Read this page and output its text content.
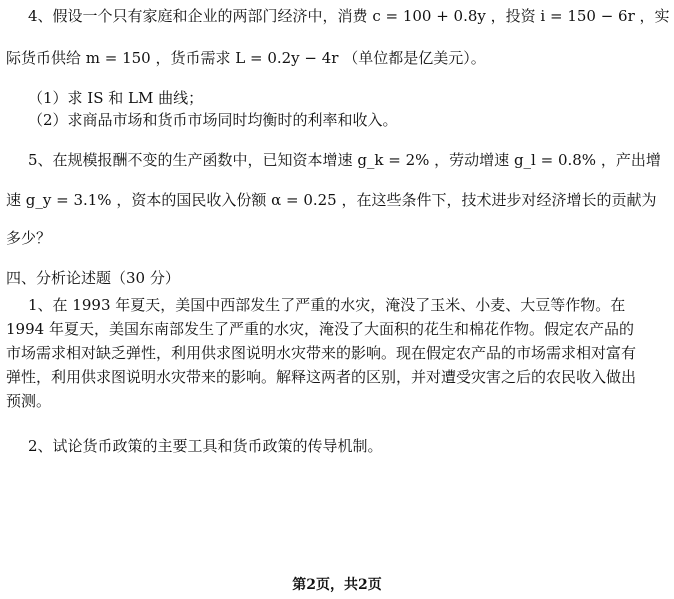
4、假设一个只有家庭和企业的两部门经济中，消费 c = 100 + 0.8y ，投资 i = 150 − 6r ，实
际货币供给 m = 150 ，货币需求 L = 0.2y − 4r （单位都是亿美元）。
（1）求 IS 和 LM 曲线；
（2）求商品市场和货币市场同时均衡时的利率和收入。
5、在规模报酬不变的生产函数中，已知资本增速 g_k = 2% ，劳动增速 g_l = 0.8% ，产出增
速 g_y = 3.1% ，资本的国民收入份额 α = 0.25 ，在这些条件下，技术进步对经济增长的贡献为
多少？
四、分析论述题（30 分）
1、在 1993 年夏天，美国中西部发生了严重的水灾，淹没了玉米、小麦、大豆等作物。在
1994 年夏天，美国东南部发生了严重的水灾，淹没了大面积的花生和棉花作物。假定农产品的
市场需求相对缺乏弹性，利用供求图说明水灾带来的影响。现在假定农产品的市场需求相对富有
弹性，利用供求图说明水灾带来的影响。解释这两者的区别，并对遭受灾害之后的农民收入做出
预测。
2、试论货币政策的主要工具和货币政策的传导机制。
第2页，共2页
